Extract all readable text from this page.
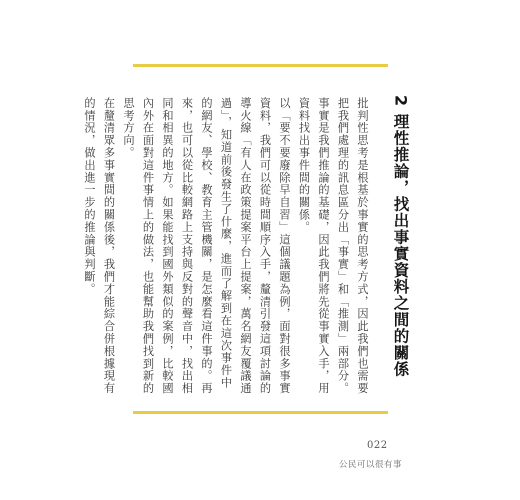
2理性推論，找出事實資料之間的關係

批判性思考是根基於事實的思考方式，因此我們也需要把我們處理的訊息區分出「事實」和「推測」兩部分。事實是我們推論的基礎，因此我們將先從事實入手，用資料找出事件間的關係。

以「要不要廢除早自習」這個議題為例，面對很多事實資料，我們可以從時間順序入手，釐清引發這項討論的導火線「有人在政策提案平台上提案，萬名網友覆議通過」，知道前後發生了什麼，進而了解到在這次事件中的網友、學校、教育主管機關，是怎麼看這件事的。再來，也可以從比較網路上支持與反對的聲音中，找出相同和相異的地方。如果能找到國外類似的案例，比較國內外在面對這件事情上的做法，也能幫助我們找到新的思考方向。

在釐清眾多事實間的關係後，我們才能綜合併根據現有的情況，做出進一步的推論與判斷。

022
公民可以很有事
